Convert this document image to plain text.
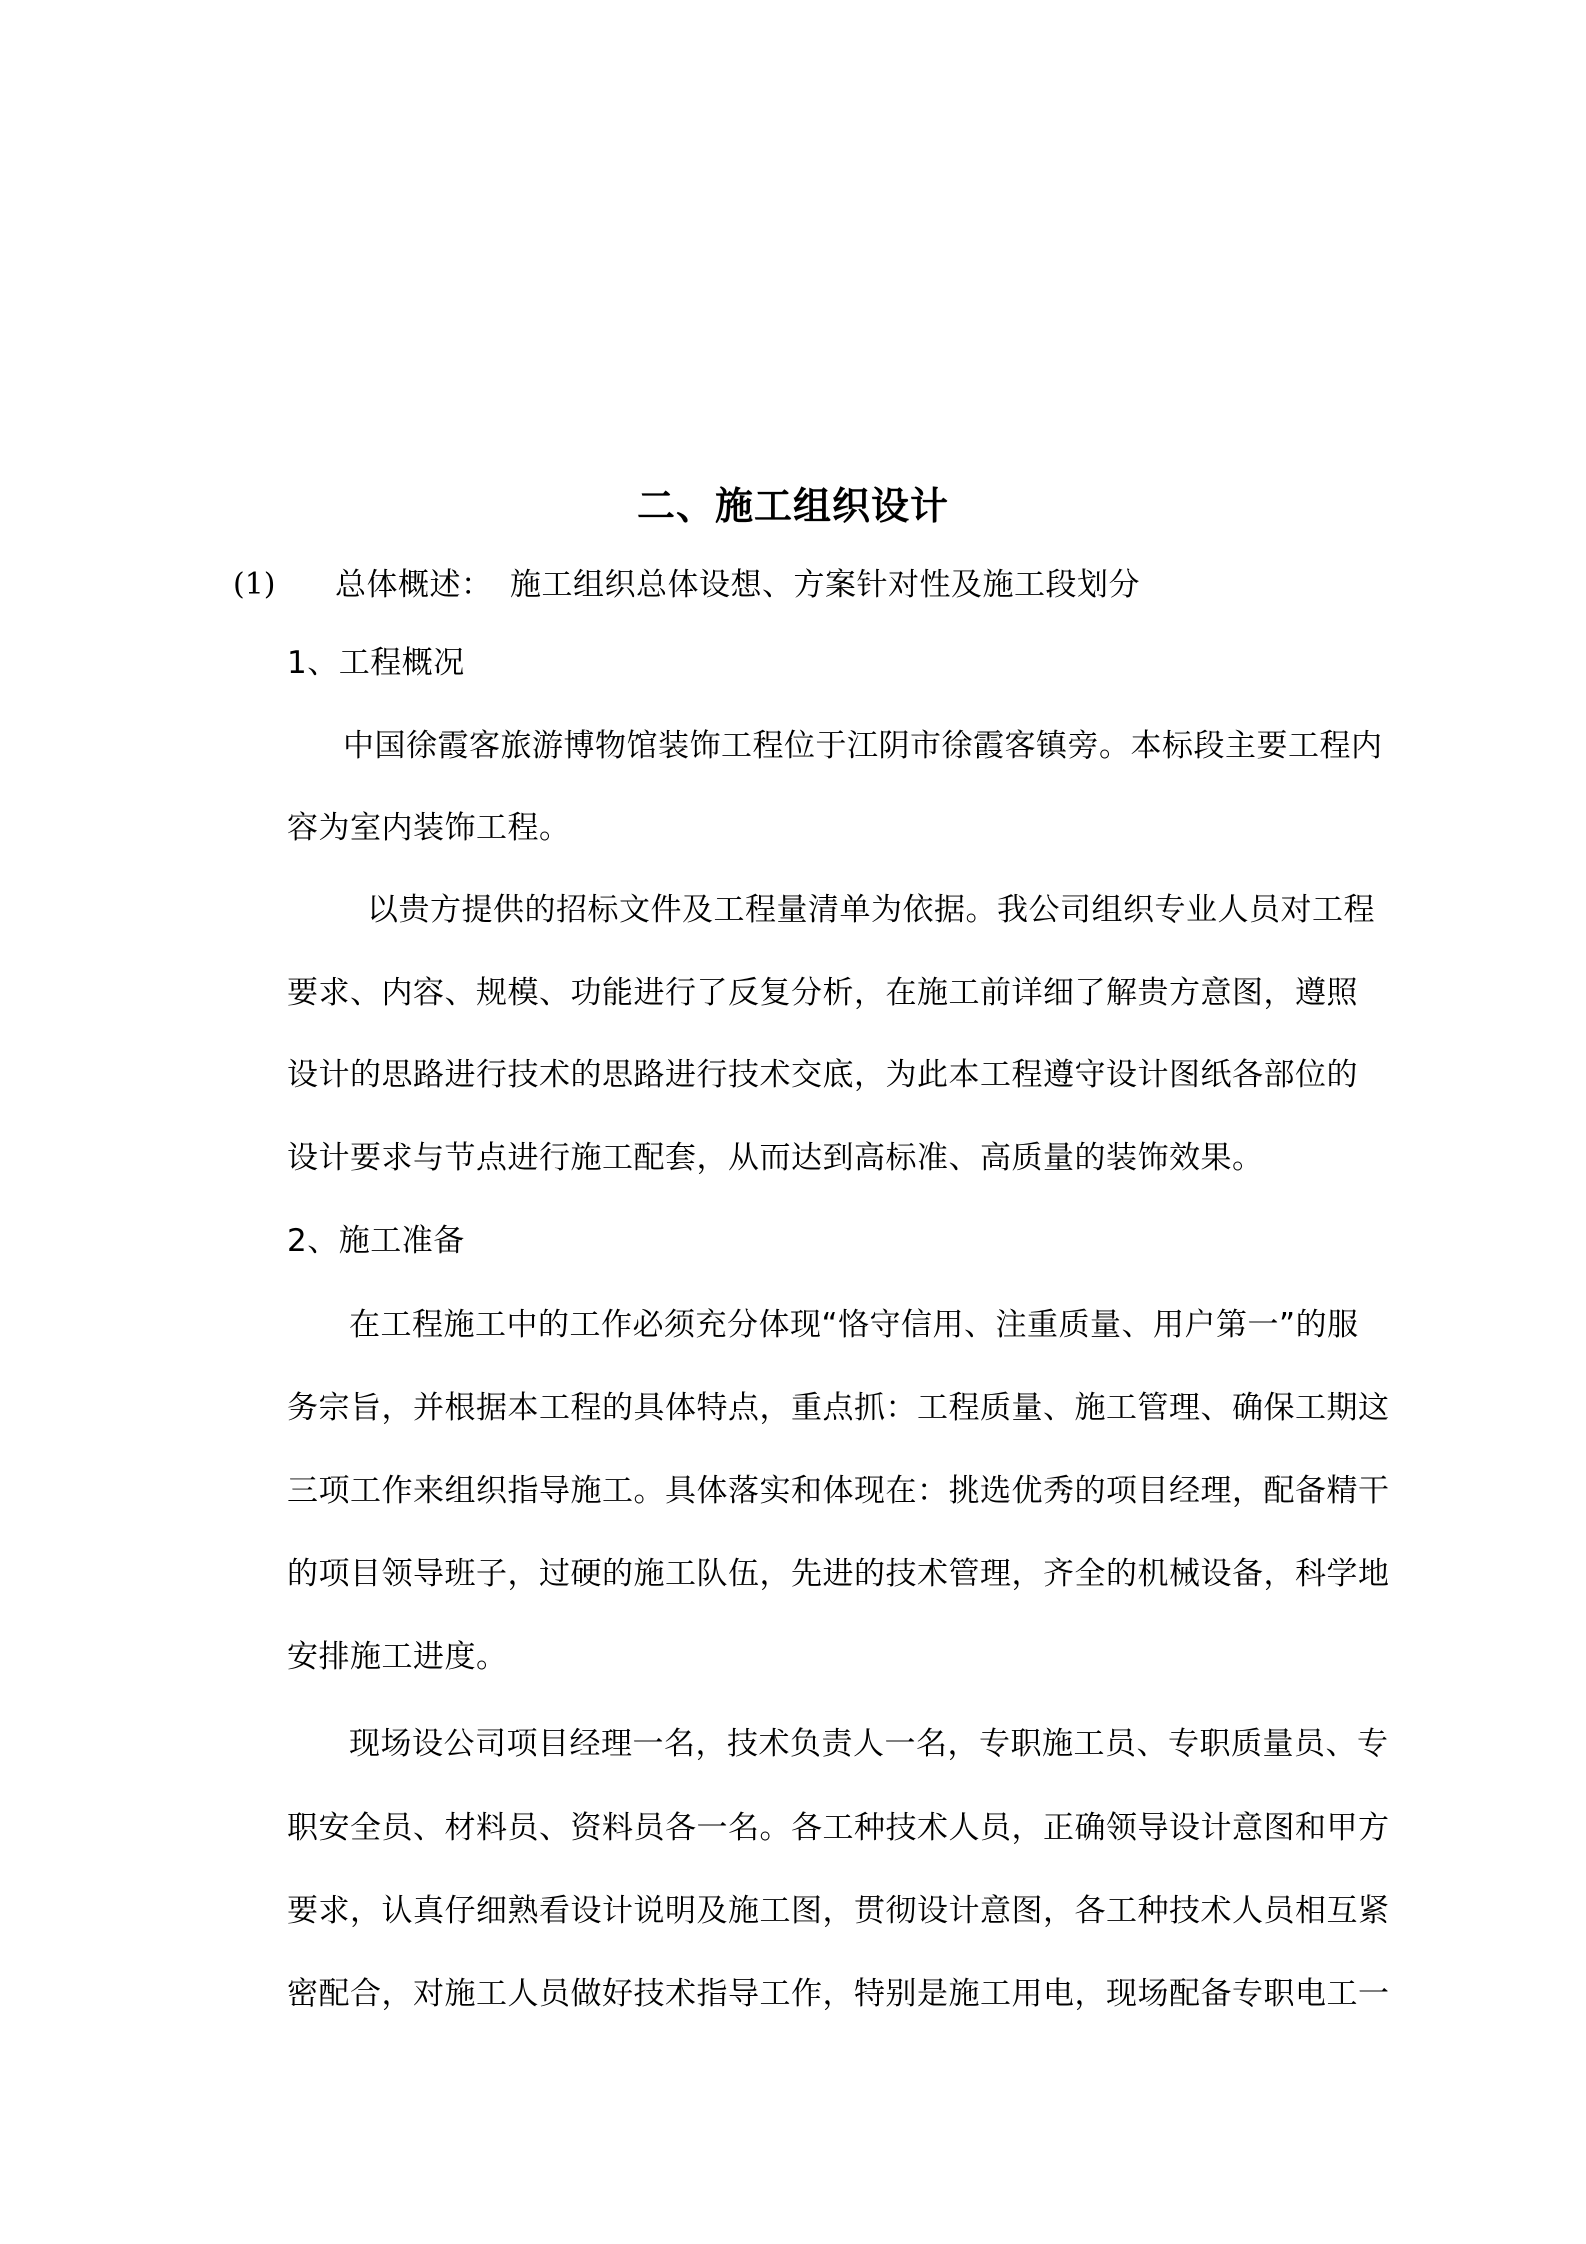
二、施工组织设计
(1) 总体概述： 施工组织总体设想、方案针对性及施工段划分
1、工程概况
中国徐霞客旅游博物馆装饰工程位于江阴市徐霞客镇旁。本标段主要工程内
容为室内装饰工程。
以贵方提供的招标文件及工程量清单为依据。我公司组织专业人员对工程
要求、内容、规模、功能进行了反复分析，在施工前详细了解贵方意图，遵照
设计的思路进行技术的思路进行技术交底，为此本工程遵守设计图纸各部位的
设计要求与节点进行施工配套，从而达到高标准、高质量的装饰效果。
2、施工准备
在工程施工中的工作必须充分体现“恪守信用、注重质量、用户第一”的服
务宗旨，并根据本工程的具体特点，重点抓：工程质量、施工管理、确保工期这
三项工作来组织指导施工。具体落实和体现在：挑选优秀的项目经理，配备精干
的项目领导班子，过硬的施工队伍，先进的技术管理，齐全的机械设备，科学地
安排施工进度。
现场设公司项目经理一名，技术负责人一名，专职施工员、专职质量员、专
职安全员、材料员、资料员各一名。各工种技术人员，正确领导设计意图和甲方
要求，认真仔细熟看设计说明及施工图，贯彻设计意图，各工种技术人员相互紧
密配合，对施工人员做好技术指导工作，特别是施工用电，现场配备专职电工一
